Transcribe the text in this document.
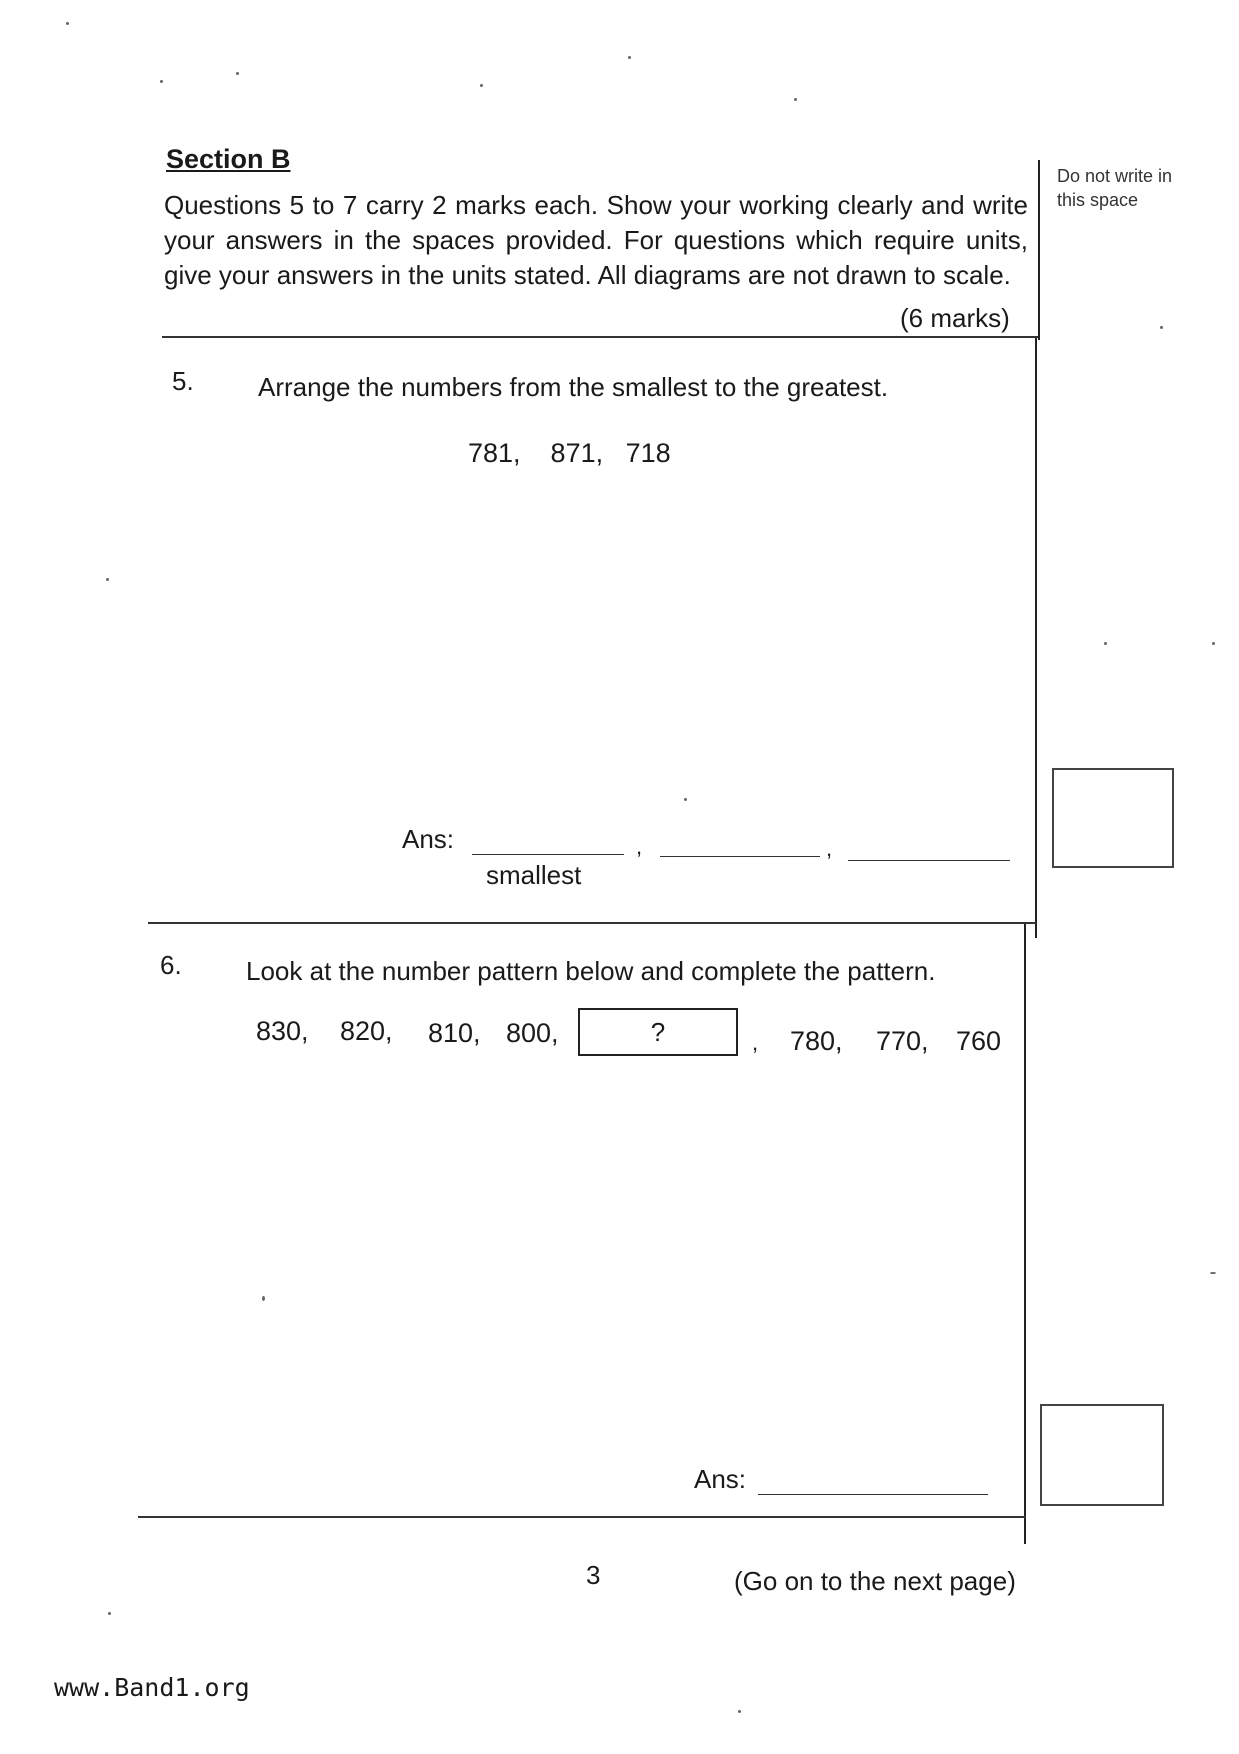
Section B
Questions 5 to 7 carry 2 marks each. Show your working clearly and write your answers in the spaces provided. For questions which require units, give your answers in the units stated. All diagrams are not drawn to scale.
(6 marks)
Do not write in this space
5. Arrange the numbers from the smallest to the greatest.
781,    871,   718
Ans:	,	,
smallest
6. Look at the number pattern below and complete the pattern.
830, 820, 810, 800,	?	, 780, 770, 760
Ans:
3	(Go on to the next page)
www.Band1.org
